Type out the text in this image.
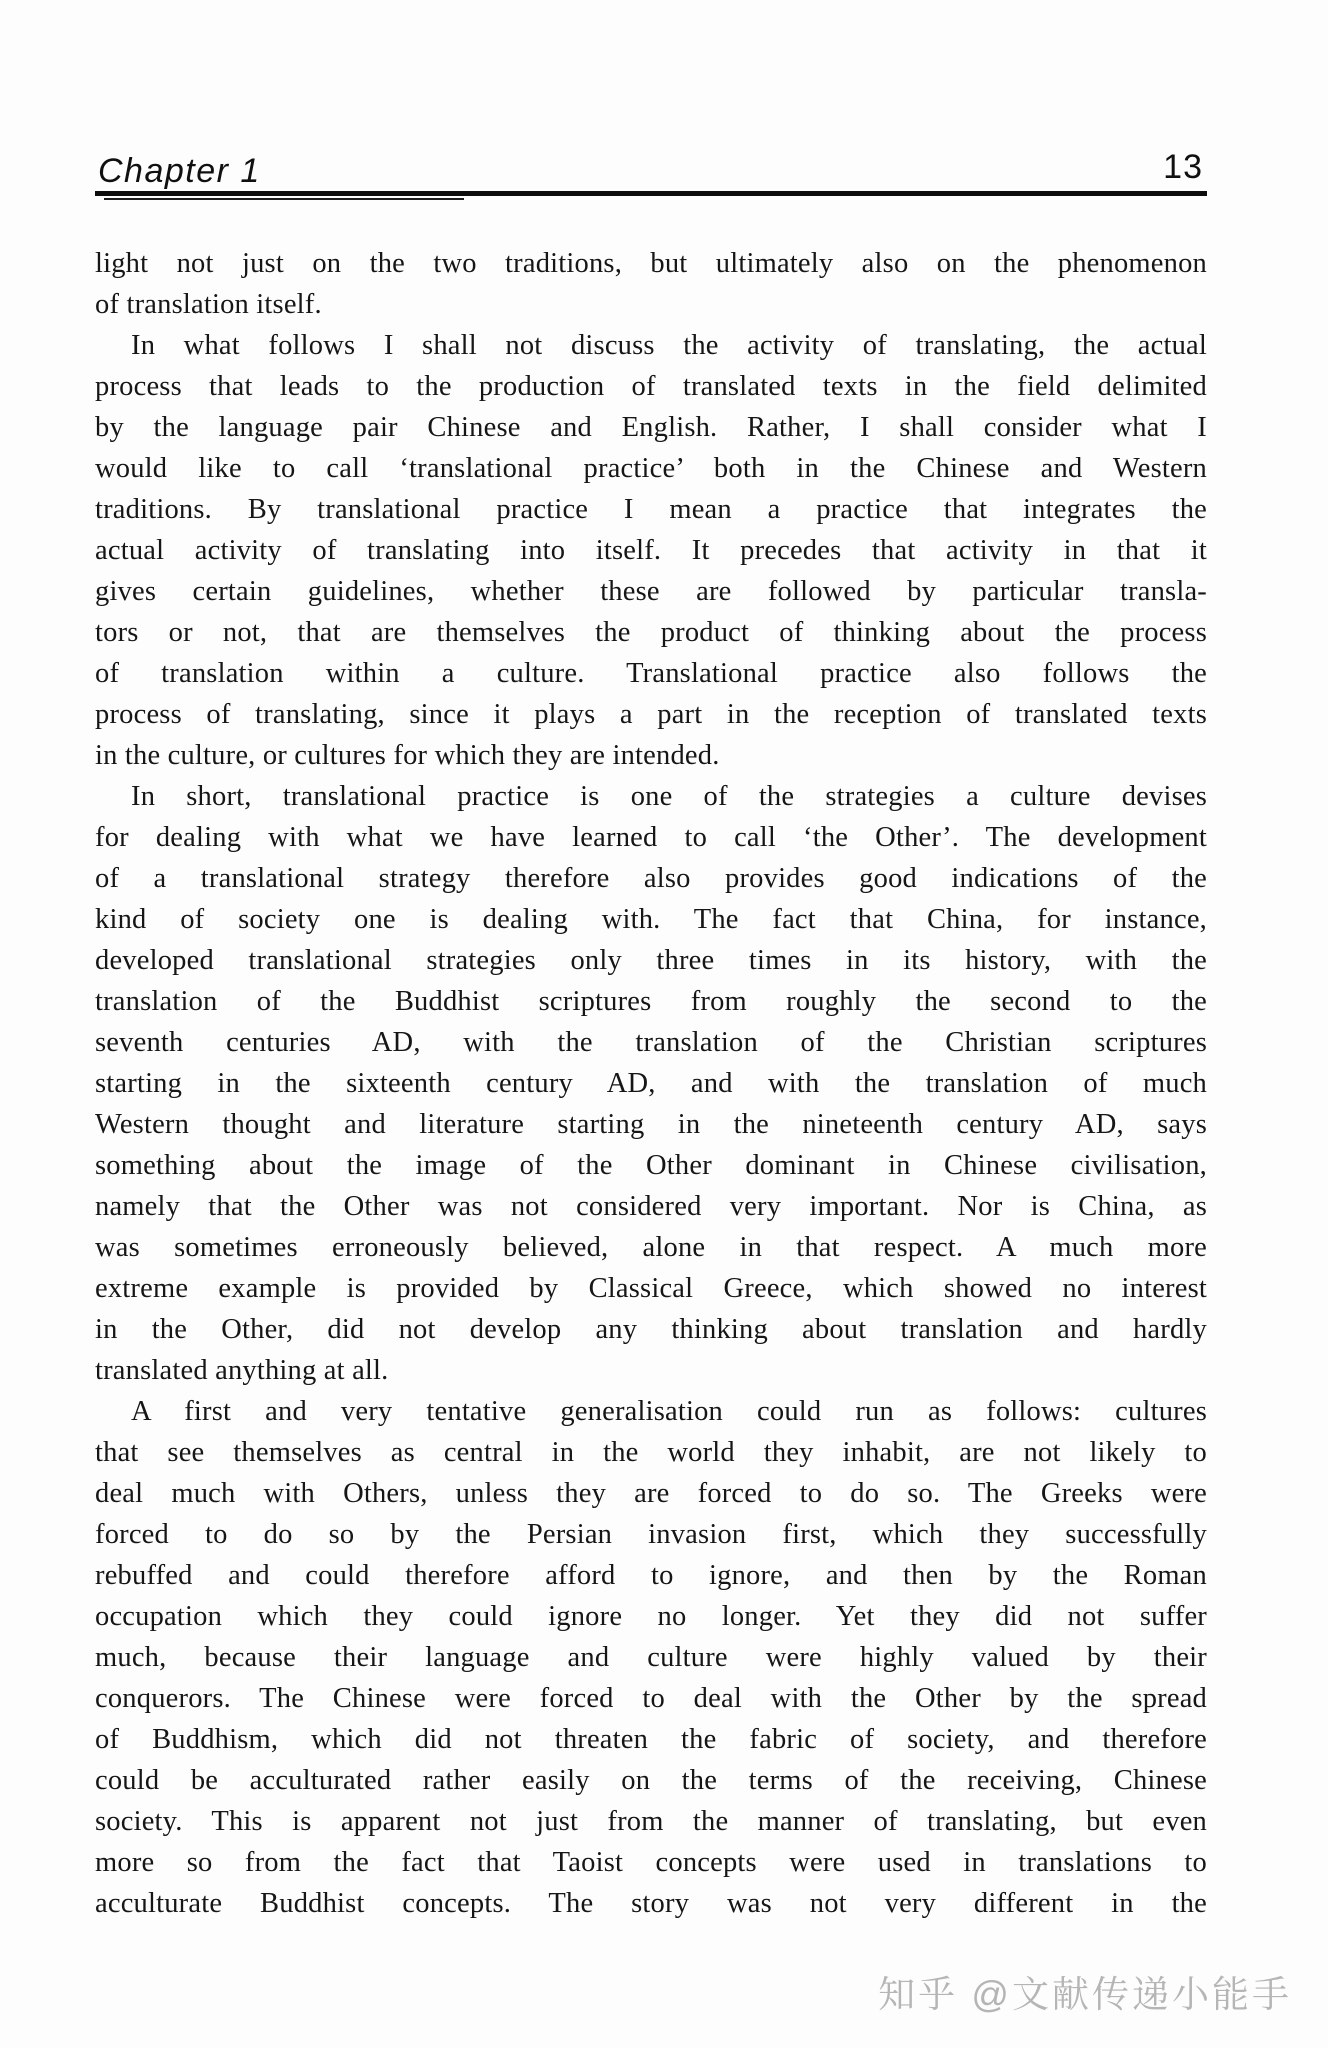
Chapter 1	13
light not just on the two traditions, but ultimately also on the phenomenon
of translation itself.
In what follows I shall not discuss the activity of translating, the actual
process that leads to the production of translated texts in the field delimited
by the language pair Chinese and English. Rather, I shall consider what I
would like to call ‘translational practice’ both in the Chinese and Western
traditions. By translational practice I mean a practice that integrates the
actual activity of translating into itself. It precedes that activity in that it
gives certain guidelines, whether these are followed by particular transla-
tors or not, that are themselves the product of thinking about the process
of translation within a culture. Translational practice also follows the
process of translating, since it plays a part in the reception of translated texts
in the culture, or cultures for which they are intended.
In short, translational practice is one of the strategies a culture devises
for dealing with what we have learned to call ‘the Other’. The development
of a translational strategy therefore also provides good indications of the
kind of society one is dealing with. The fact that China, for instance,
developed translational strategies only three times in its history, with the
translation of the Buddhist scriptures from roughly the second to the
seventh centuries AD, with the translation of the Christian scriptures
starting in the sixteenth century AD, and with the translation of much
Western thought and literature starting in the nineteenth century AD, says
something about the image of the Other dominant in Chinese civilisation,
namely that the Other was not considered very important. Nor is China, as
was sometimes erroneously believed, alone in that respect. A much more
extreme example is provided by Classical Greece, which showed no interest
in the Other, did not develop any thinking about translation and hardly
translated anything at all.
A first and very tentative generalisation could run as follows: cultures
that see themselves as central in the world they inhabit, are not likely to
deal much with Others, unless they are forced to do so. The Greeks were
forced to do so by the Persian invasion first, which they successfully
rebuffed and could therefore afford to ignore, and then by the Roman
occupation which they could ignore no longer. Yet they did not suffer
much, because their language and culture were highly valued by their
conquerors. The Chinese were forced to deal with the Other by the spread
of Buddhism, which did not threaten the fabric of society, and therefore
could be acculturated rather easily on the terms of the receiving, Chinese
society. This is apparent not just from the manner of translating, but even
more so from the fact that Taoist concepts were used in translations to
acculturate Buddhist concepts. The story was not very different in the
知乎 @文献传递小能手
